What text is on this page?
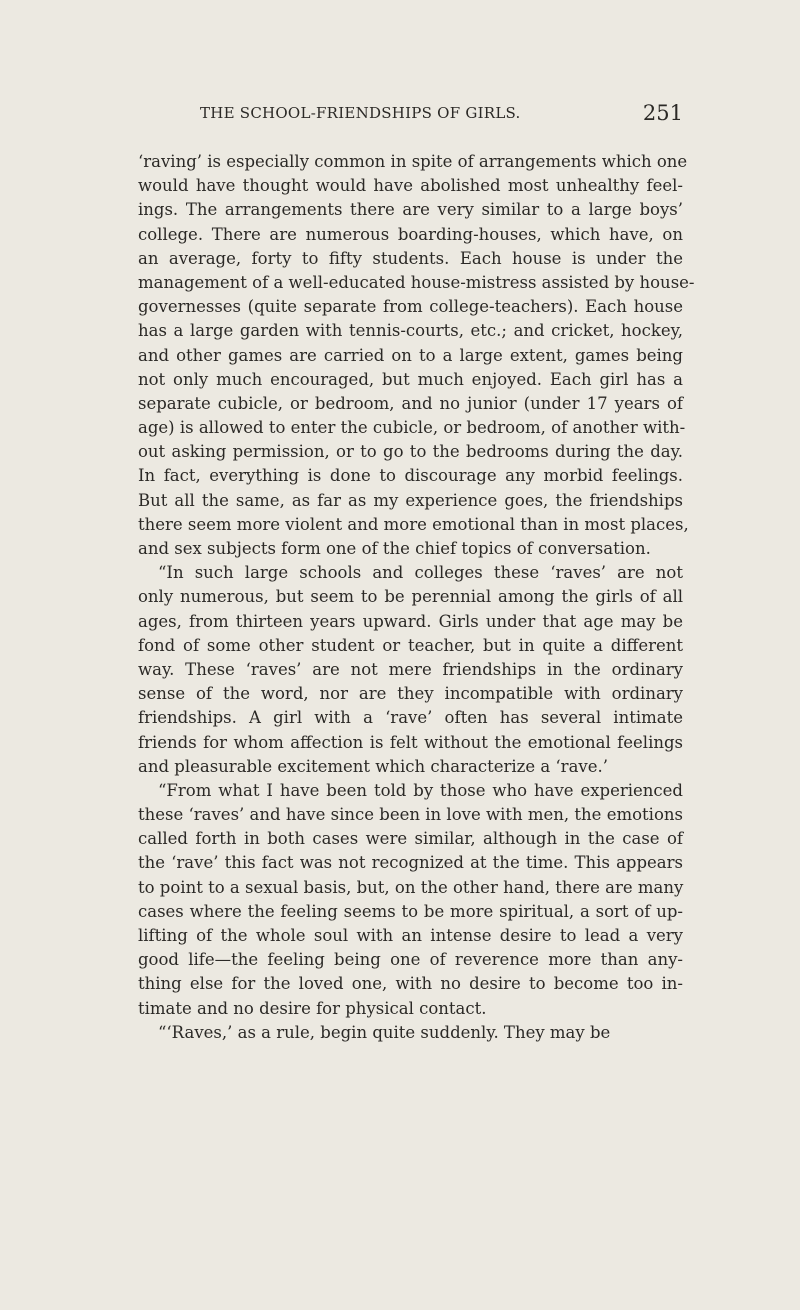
THE SCHOOL-FRIENDSHIPS OF GIRLS.	251
‘raving’ is especially common in spite of arrangements which one
would have thought would have abolished most unhealthy feel-
ings. The arrangements there are very similar to a large boys’
college. There are numerous boarding-houses, which have, on
an average, forty to fifty students. Each house is under the
management of a well-educated house-mistress assisted by house-
governesses (quite separate from college-teachers). Each house
has a large garden with tennis-courts, etc.; and cricket, hockey,
and other games are carried on to a large extent, games being
not only much encouraged, but much enjoyed. Each girl has a
separate cubicle, or bedroom, and no junior (under 17 years of
age) is allowed to enter the cubicle, or bedroom, of another with-
out asking permission, or to go to the bedrooms during the day.
In fact, everything is done to discourage any morbid feelings.
But all the same, as far as my experience goes, the friendships
there seem more violent and more emotional than in most places,
and sex subjects form one of the chief topics of conversation.
“In such large schools and colleges these ‘raves’ are not
only numerous, but seem to be perennial among the girls of all
ages, from thirteen years upward. Girls under that age may be
fond of some other student or teacher, but in quite a different
way. These ‘raves’ are not mere friendships in the ordinary
sense of the word, nor are they incompatible with ordinary
friendships. A girl with a ‘rave’ often has several intimate
friends for whom affection is felt without the emotional feelings
and pleasurable excitement which characterize a ‘rave.’
“From what I have been told by those who have experienced
these ‘raves’ and have since been in love with men, the emotions
called forth in both cases were similar, although in the case of
the ‘rave’ this fact was not recognized at the time. This appears
to point to a sexual basis, but, on the other hand, there are many
cases where the feeling seems to be more spiritual, a sort of up-
lifting of the whole soul with an intense desire to lead a very
good life—the feeling being one of reverence more than any-
thing else for the loved one, with no desire to become too in-
timate and no desire for physical contact.
“‘Raves,’ as a rule, begin quite suddenly. They may be
